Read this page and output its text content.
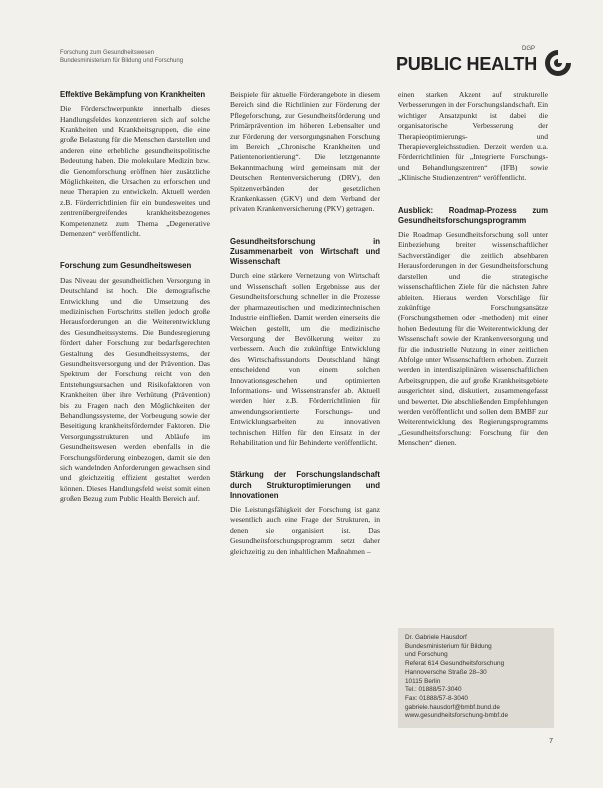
Forschung zum Gesundheitswesen
Bundesministerium für Bildung und Forschung
DGP
PUBLIC HEALTH
Effektive Bekämpfung von Krankheiten

Die Förderschwerpunkte innerhalb dieses Handlungsfeldes konzentrieren sich auf solche Krankheiten und Krankheitsgruppen, die eine große Belastung für die Menschen darstellen und anderen eine erhebliche gesundheitspolitische Bedeutung haben. Die molekulare Medizin bzw. die Genomforschung eröffnen hier zusätzliche Möglichkeiten, die Ursachen zu erforschen und neue Therapien zu entwickeln. Aktuell werden z.B. Förderrichtlinien für ein bundesweites und zentrenübergreifendes krankheitsbezogenes Kompetenznetz zum Thema „Degenerative Demenzen“ veröffentlicht.

Forschung zum Gesundheitswesen

Das Niveau der gesundheitlichen Versorgung in Deutschland ist hoch. Die demografische Entwicklung und die Umsetzung des medizinischen Fortschritts stellen jedoch große Herausforderungen an die Weiterentwicklung des Gesundheitssystems. Die Bundesregierung fördert daher Forschung zur bedarfsgerechten Gestaltung des Gesundheitssystems, der Gesundheitsversorgung und der Prävention. Das Spektrum der Forschung reicht von den Entstehungsursachen und Risikofaktoren von Krankheiten über ihre Verhütung (Prävention) bis zu Fragen nach den Möglichkeiten der Behandlungssysteme, der Vorbeugung sowie der Beseitigung krankheitsfördernder Faktoren. Die Versorgungsstrukturen und Abläufe im Gesundheitswesen werden ebenfalls in die Forschungsförderung einbezogen, damit sie den sich wandelnden Anforderungen gewachsen sind und gleichzeitig effizient gestaltet werden können. Dieses Handlungsfeld weist somit einen großen Bezug zum Public Health Bereich auf.

Beispiele für aktuelle Förderangebote in diesem Bereich sind die Richtlinien zur Förderung der Pflegeforschung, zur Gesundheitsförderung und Primärprävention im höheren Lebensalter und zur Förderung der versorgungsnahen Forschung im Bereich „Chronische Krankheiten und Patientenorientierung“. Die letztgenannte Bekanntmachung wird gemeinsam mit der Deutschen Rentenversicherung (DRV), den Spitzenverbänden der gesetzlichen Krankenkassen (GKV) und dem Verband der privaten Krankenversicherung (PKV) getragen.

Gesundheitsforschung in Zusammenarbeit von Wirtschaft und Wissenschaft

Durch eine stärkere Vernetzung von Wirtschaft und Wissenschaft sollen Ergebnisse aus der Gesundheitsforschung schneller in die Prozesse der pharmazeutischen und medizintechnischen Industrie einfließen. Damit werden einerseits die Weichen gestellt, um die medizinische Versorgung der Bevölkerung weiter zu verbessern. Auch die zukünftige Entwicklung des Wirtschaftsstandorts Deutschland hängt entscheidend von einem solchen Innovationsgeschehen und optimierten Informations- und Wissenstransfer ab. Aktuell werden hier z.B. Förderrichtlinien für anwendungsorientierte Forschungs- und Entwicklungsarbeiten zu innovativen technischen Hilfen für den Einsatz in der Rehabilitation und für Behinderte veröffentlicht.

Stärkung der Forschungslandschaft durch Strukturoptimierungen und Innovationen

Die Leistungsfähigkeit der Forschung ist ganz wesentlich auch eine Frage der Strukturen, in denen sie organisiert ist. Das Gesundheitsforschungsprogramm setzt daher gleichzeitig zu den inhaltlichen Maßnahmen –

einen starken Akzent auf strukturelle Verbesserungen in der Forschungslandschaft. Ein wichtiger Ansatzpunkt ist dabei die organisatorische Verbesserung der Therapieoptimierungs- und Therapievergleichsstudien. Derzeit werden u.a. Förderrichtlinien für „Integrierte Forschungs- und Behandlungszentren“ (IFB) sowie „Klinische Studienzentren“ veröffentlicht.

Ausblick: Roadmap-Prozess zum Gesundheitsforschungsprogramm

Die Roadmap Gesundheitsforschung soll unter Einbeziehung breiter wissenschaftlicher Sachverständiger die zeitlich absehbaren Herausforderungen in der Gesundheitsforschung darstellen und die strategische wissenschaftlichen Ziele für die nächsten Jahre ableiten. Hieraus werden Vorschläge für zukünftige Forschungsansätze (Forschungsthemen oder -methoden) mit einer hohen Bedeutung für die Weiterentwicklung der Wissenschaft sowie der Krankenversorgung und für die industrielle Nutzung in einer zeitlichen Abfolge unter Wissenschaftlern erhoben. Zurzeit werden in interdisziplinären wissenschaftlichen Arbeitsgruppen, die auf große Krankheitsgebiete ausgerichtet sind, diskutiert, zusammengefasst und bewertet. Die abschließenden Empfehlungen werden veröffentlicht und sollen dem BMBF zur Weiterentwicklung des Regierungsprogramms „Gesundheitsforschung: Forschung für den Menschen“ dienen.

Dr. Gabriele Hausdorf
Bundesministerium für Bildung
und Forschung
Referat 614 Gesundheitsforschung
Hannoversche Straße 28–30
10115 Berlin
Tel.: 01888/57-3040
Fax: 01888/57-8-3040
gabriele.hausdorf@bmbf.bund.de
www.gesundheitsforschung-bmbf.de
7
